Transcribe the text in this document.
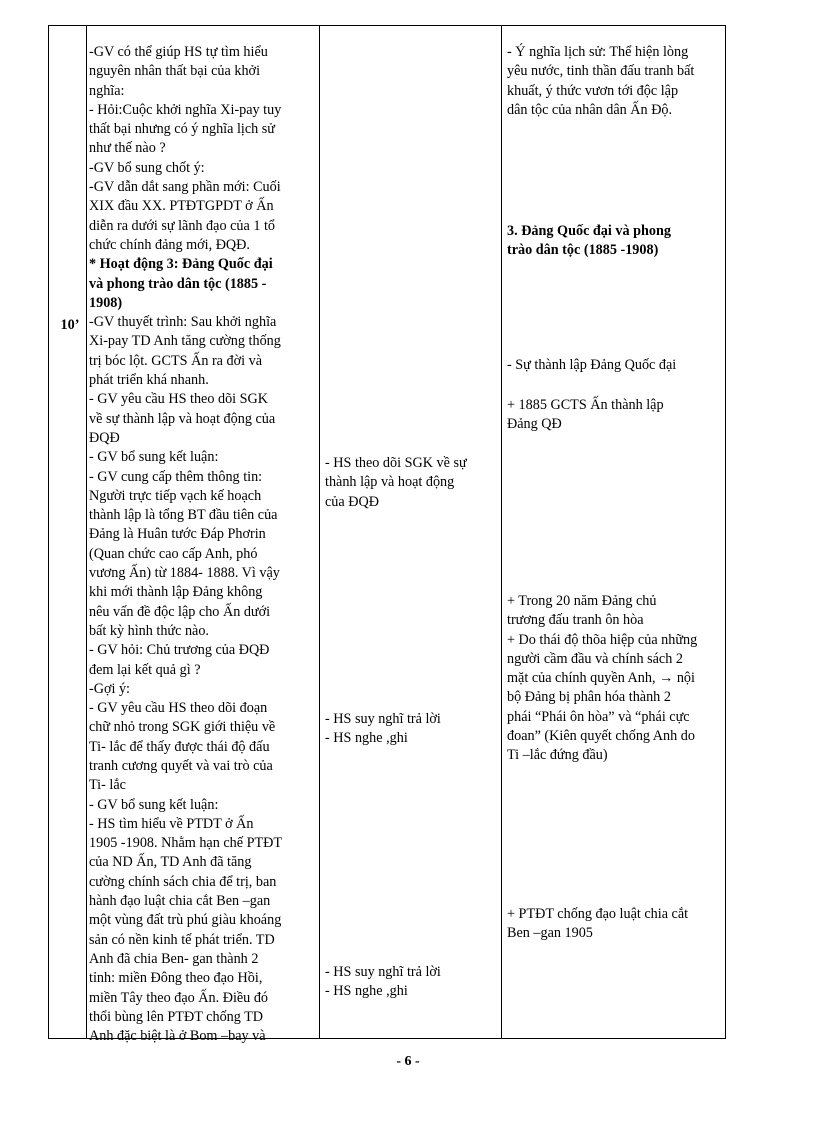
10’
-GV có thể giúp HS tự tìm hiểu
nguyên nhân thất bại của khởi
nghĩa:
- Hỏi:Cuộc khởi nghĩa Xi-pay tuy
thất bại nhưng có ý nghĩa lịch sử
như thế nào ?
-GV bổ sung chốt ý:
-GV dẫn dắt sang phần mới: Cuối
XIX đầu XX. PTĐTGPDT ở Ấn
diễn ra dưới sự lãnh đạo của 1 tổ
chức chính đảng mới, ĐQĐ.
* Hoạt động 3: Đảng Quốc đại
và phong trào dân tộc (1885 -
1908)
-GV thuyết trình: Sau khởi nghĩa
Xi-pay TD Anh tăng cường thống
trị bóc lột. GCTS Ấn ra đời và
phát triển khá nhanh.
- GV yêu cầu HS theo dõi SGK
về sự thành lập và hoạt động của
ĐQĐ
- GV bổ sung kết luận:
- GV cung cấp thêm thông tin:
Người trực tiếp vạch kế hoạch
thành lập là tổng BT đầu tiên của
Đảng là Huân tước Đáp Phơrin
(Quan chức cao cấp Anh, phó
vương Ấn) từ 1884- 1888. Vì vậy
khi mới thành lập Đảng không
nêu vấn đề độc lập cho Ấn dưới
bất kỳ hình thức nào.
- GV hỏi: Chủ trương của ĐQĐ
đem lại kết quả gì ?
-Gợi ý:
- GV yêu cầu HS theo dõi đoạn
chữ nhỏ trong SGK giới thiệu về
Ti- lắc để thấy được thái độ đấu
tranh cương quyết và vai trò của
Ti- lắc
- GV bổ sung kết luận:
- HS tìm hiểu về PTDT ở Ấn
1905 -1908. Nhằm hạn chế PTĐT
của ND Ấn, TD Anh đã tăng
cường chính sách chia để trị, ban
hành đạo luật chia cắt Ben –gan
một vùng đất trù phú giàu khoáng
sản có nền kinh tế phát triển. TD
Anh đã chia Ben- gan thành 2
tỉnh: miền Đông theo đạo Hồi,
miền Tây theo đạo Ấn. Điều đó
thổi bùng lên PTĐT chống TD
Anh đặc biệt là ở Bom –bay và
- HS theo dõi SGK về sự
thành lập và hoạt động
của ĐQĐ
- HS suy nghĩ trả lời
- HS nghe ,ghi
- HS suy nghĩ trả lời
- HS nghe ,ghi
- Ý nghĩa lịch sử: Thể hiện lòng
yêu nước, tinh thần đấu tranh bất
khuất, ý thức vươn tới độc lập
dân tộc của nhân dân Ấn Độ.
3. Đảng Quốc đại và phong
trào dân tộc (1885 -1908)
- Sự thành lập Đảng Quốc đại
+ 1885 GCTS Ấn thành lập
Đảng QĐ
+ Trong 20 năm Đảng chủ
trương đấu tranh ôn hòa
+ Do thái độ thõa hiệp của những
người cầm đầu và chính sách 2
mặt của chính quyền Anh, → nội
bộ Đảng bị phân hóa thành 2
phái “Phái ôn hòa” và “phái cực
đoan” (Kiên quyết chống Anh do
Ti –lắc đứng đầu)
+ PTĐT chống đạo luật chia cắt
Ben –gan 1905
- 6 -
